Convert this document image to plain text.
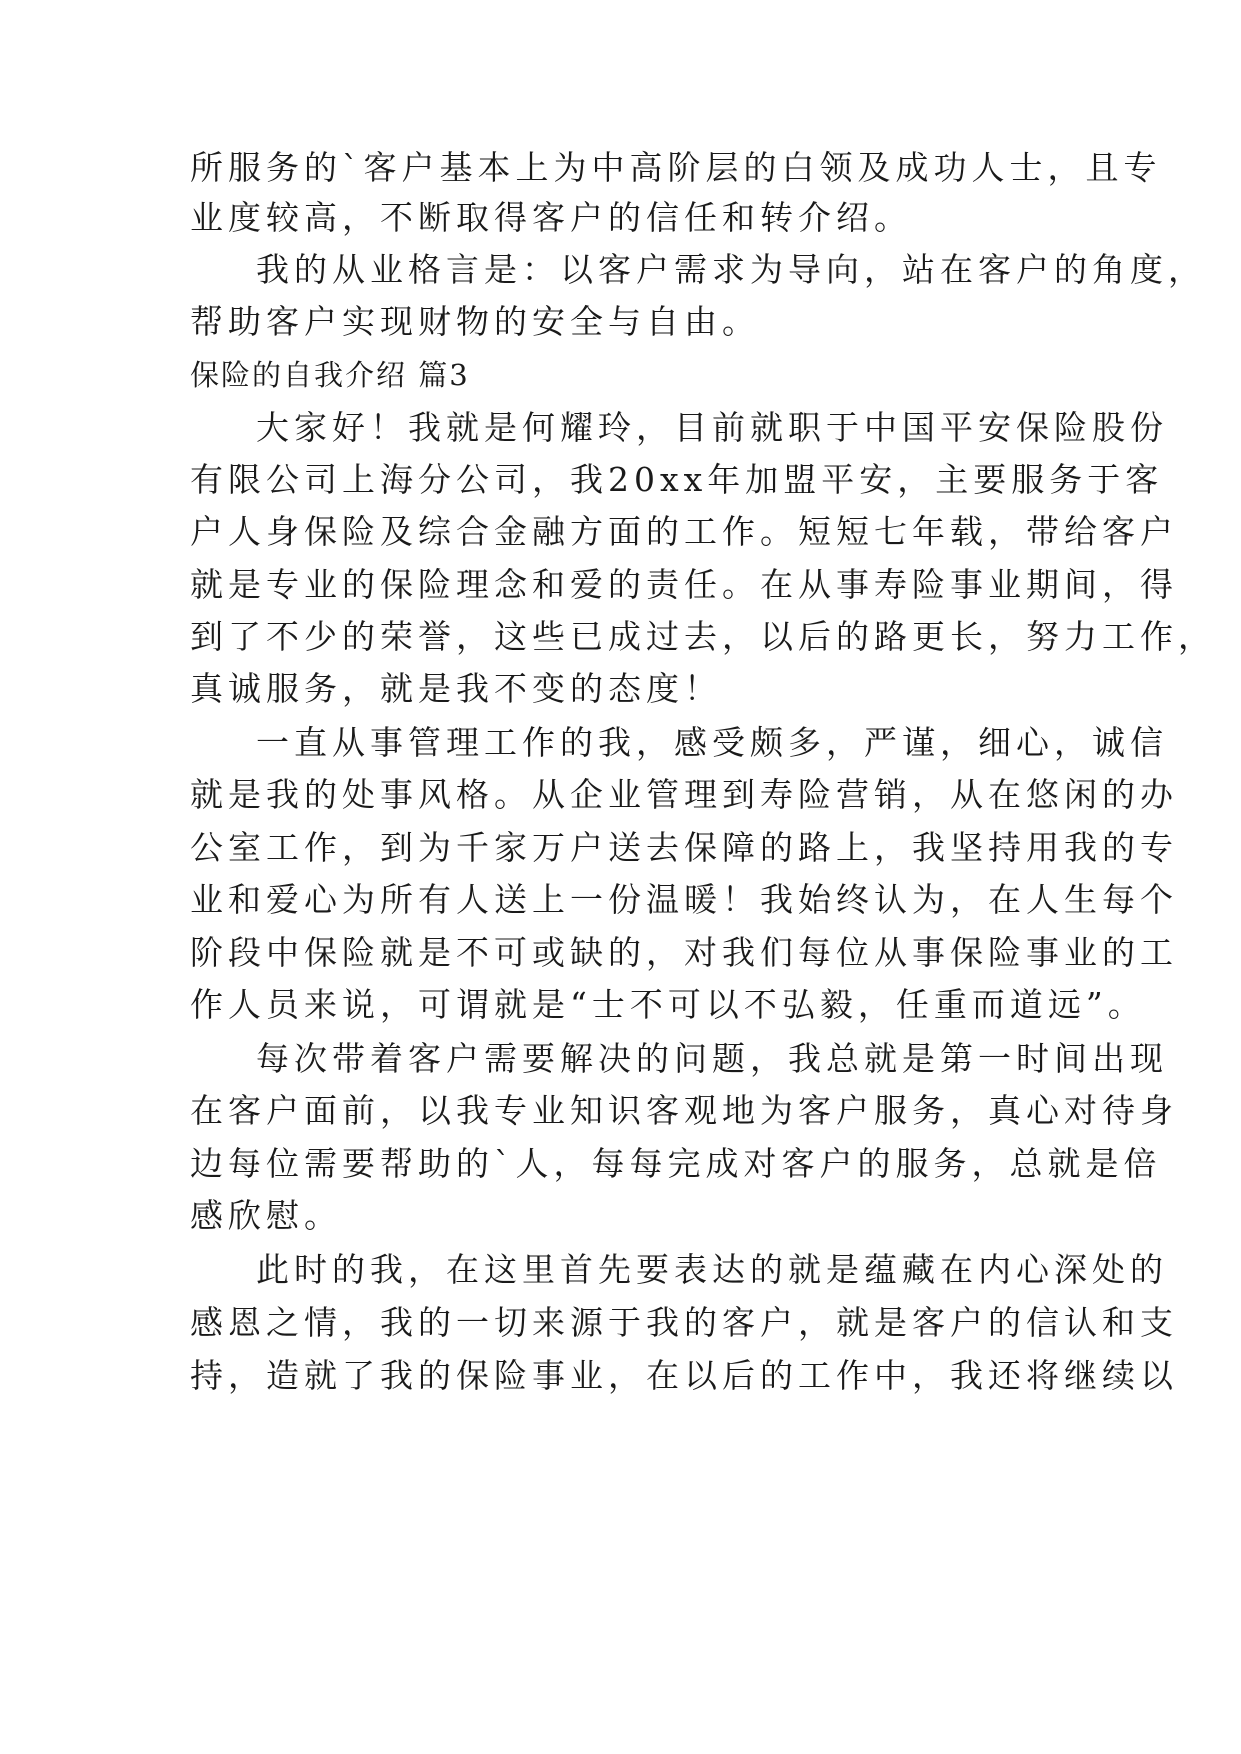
所服务的`客户基本上为中高阶层的白领及成功人士，且专
业度较高，不断取得客户的信任和转介绍。
我的从业格言是：以客户需求为导向，站在客户的角度，
帮助客户实现财物的安全与自由。
保险的自我介绍 篇3
大家好！我就是何耀玲，目前就职于中国平安保险股份
有限公司上海分公司，我20xx年加盟平安，主要服务于客
户人身保险及综合金融方面的工作。短短七年载，带给客户
就是专业的保险理念和爱的责任。在从事寿险事业期间，得
到了不少的荣誉，这些已成过去，以后的路更长，努力工作，
真诚服务，就是我不变的态度！
一直从事管理工作的我，感受颇多，严谨，细心，诚信
就是我的处事风格。从企业管理到寿险营销，从在悠闲的办
公室工作，到为千家万户送去保障的路上，我坚持用我的专
业和爱心为所有人送上一份温暖！我始终认为，在人生每个
阶段中保险就是不可或缺的，对我们每位从事保险事业的工
作人员来说，可谓就是“士不可以不弘毅，任重而道远”。
每次带着客户需要解决的问题，我总就是第一时间出现
在客户面前，以我专业知识客观地为客户服务，真心对待身
边每位需要帮助的`人，每每完成对客户的服务，总就是倍
感欣慰。
此时的我，在这里首先要表达的就是蕴藏在内心深处的
感恩之情，我的一切来源于我的客户，就是客户的信认和支
持，造就了我的保险事业，在以后的工作中，我还将继续以
